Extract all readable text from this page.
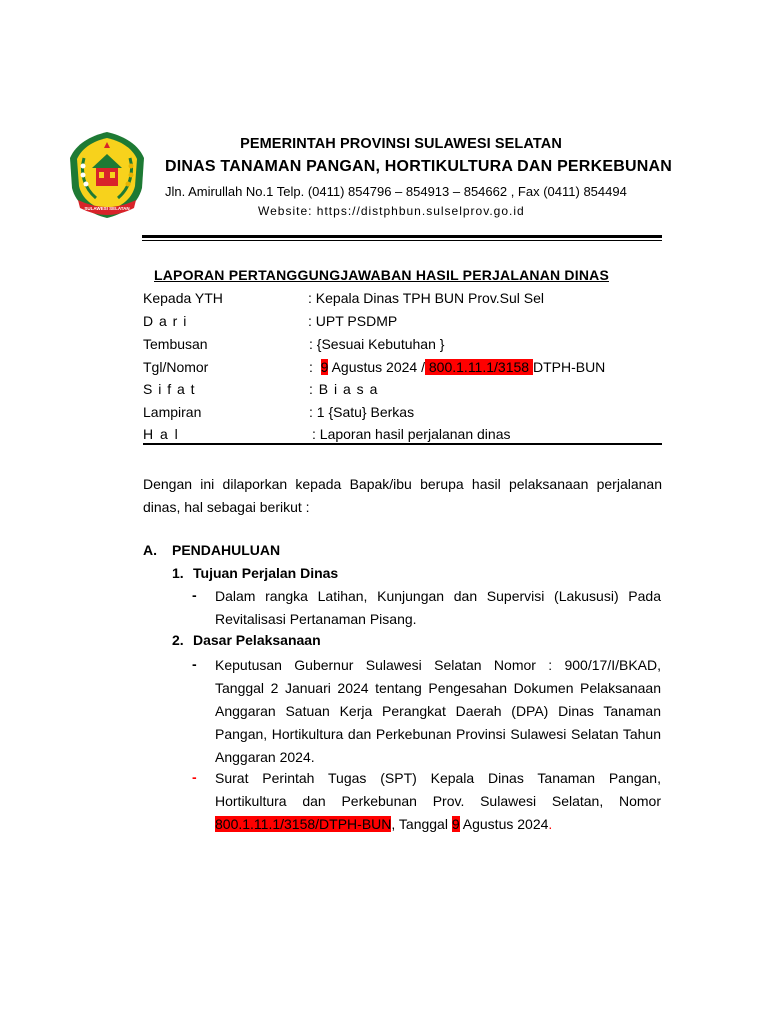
SULAWESI SELATAN
PEMERINTAH PROVINSI SULAWESI SELATAN
DINAS TANAMAN PANGAN, HORTIKULTURA DAN PERKEBUNAN
Jln. Amirullah No.1 Telp. (0411) 854796 – 854913 – 854662 , Fax (0411) 854494
Website: https://distphbun.sulselprov.go.id
LAPORAN PERTANGGUNGJAWABAN HASIL PERJALANAN DINAS
Kepada YTH	: Kepala Dinas TPH BUN Prov.Sul Sel
D a r i	: UPT PSDMP
Tembusan	: {Sesuai Kebutuhan }
Tgl/Nomor	:  9 Agustus 2024 / 800.1.11.1/3158 DTPH-BUN
S i f a t	: B i a s a
Lampiran	: 1 {Satu} Berkas
H a l	: Laporan hasil perjalanan dinas
Dengan ini dilaporkan kepada Bapak/ibu berupa hasil pelaksanaan perjalanan dinas, hal sebagai berikut :
A. PENDAHULUAN
1. Tujuan Perjalan Dinas
- Dalam rangka Latihan, Kunjungan dan Supervisi (Lakususi) Pada Revitalisasi Pertanaman Pisang.
2. Dasar Pelaksanaan
- Keputusan Gubernur Sulawesi Selatan Nomor : 900/17/I/BKAD, Tanggal 2 Januari 2024 tentang Pengesahan Dokumen Pelaksanaan Anggaran Satuan Kerja Perangkat Daerah (DPA) Dinas Tanaman Pangan, Hortikultura dan Perkebunan Provinsi Sulawesi Selatan Tahun Anggaran 2024.
- Surat Perintah Tugas (SPT) Kepala Dinas Tanaman Pangan, Hortikultura dan Perkebunan Prov. Sulawesi Selatan, Nomor 800.1.11.1/3158/DTPH-BUN, Tanggal 9 Agustus 2024.
